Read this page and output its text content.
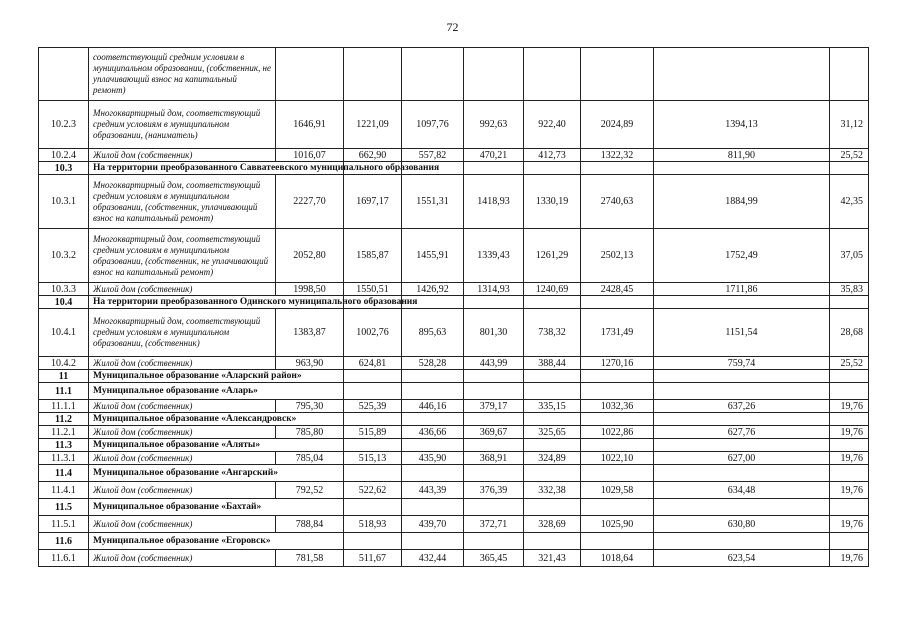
72
	соответствующий средним условиям в муниципальном образовании, (собственник, не уплачивающий взнос на капитальный ремонт)								
10.2.3	Многоквартирный дом, соответствующий средним условиям в муниципальном образовании, (наниматель)	1646,91	1221,09	1097,76	992,63	922,40	2024,89	1394,13	31,12
10.2.4	Жилой дом (собственник)	1016,07	662,90	557,82	470,21	412,73	1322,32	811,90	25,52
10.3	На территории преобразованного Савватеевского муниципального образования								
10.3.1	Многоквартирный дом, соответствующий средним условиям в муниципальном образовании, (собственник, уплачивающий взнос на капитальный ремонт)	2227,70	1697,17	1551,31	1418,93	1330,19	2740,63	1884,99	42,35
10.3.2	Многоквартирный дом, соответствующий средним условиям в муниципальном образовании, (собственник, не уплачивающий взнос на капитальный ремонт)	2052,80	1585,87	1455,91	1339,43	1261,29	2502,13	1752,49	37,05
10.3.3	Жилой дом (собственник)	1998,50	1550,51	1426,92	1314,93	1240,69	2428,45	1711,86	35,83
10.4	На территории преобразованного Одинского муниципального образования								
10.4.1	Многоквартирный дом, соответствующий средним условиям в муниципальном образовании, (собственник)	1383,87	1002,76	895,63	801,30	738,32	1731,49	1151,54	28,68
10.4.2	Жилой дом (собственник)	963,90	624,81	528,28	443,99	388,44	1270,16	759,74	25,52
11	Муниципальное образование «Аларский район»								
11.1	Муниципальное образование «Аларь»								
11.1.1	Жилой дом (собственник)	795,30	525,39	446,16	379,17	335,15	1032,36	637,26	19,76
11.2	Муниципальное образование «Александровск»								
11.2.1	Жилой дом (собственник)	785,80	515,89	436,66	369,67	325,65	1022,86	627,76	19,76
11.3	Муниципальное образование «Аляты»								
11.3.1	Жилой дом (собственник)	785,04	515,13	435,90	368,91	324,89	1022,10	627,00	19,76
11.4	Муниципальное образование «Ангарский»								
11.4.1	Жилой дом (собственник)	792,52	522,62	443,39	376,39	332,38	1029,58	634,48	19,76
11.5	Муниципальное образование «Бахтай»								
11.5.1	Жилой дом (собственник)	788,84	518,93	439,70	372,71	328,69	1025,90	630,80	19,76
11.6	Муниципальное образование «Егоровск»								
11.6.1	Жилой дом (собственник)	781,58	511,67	432,44	365,45	321,43	1018,64	623,54	19,76
